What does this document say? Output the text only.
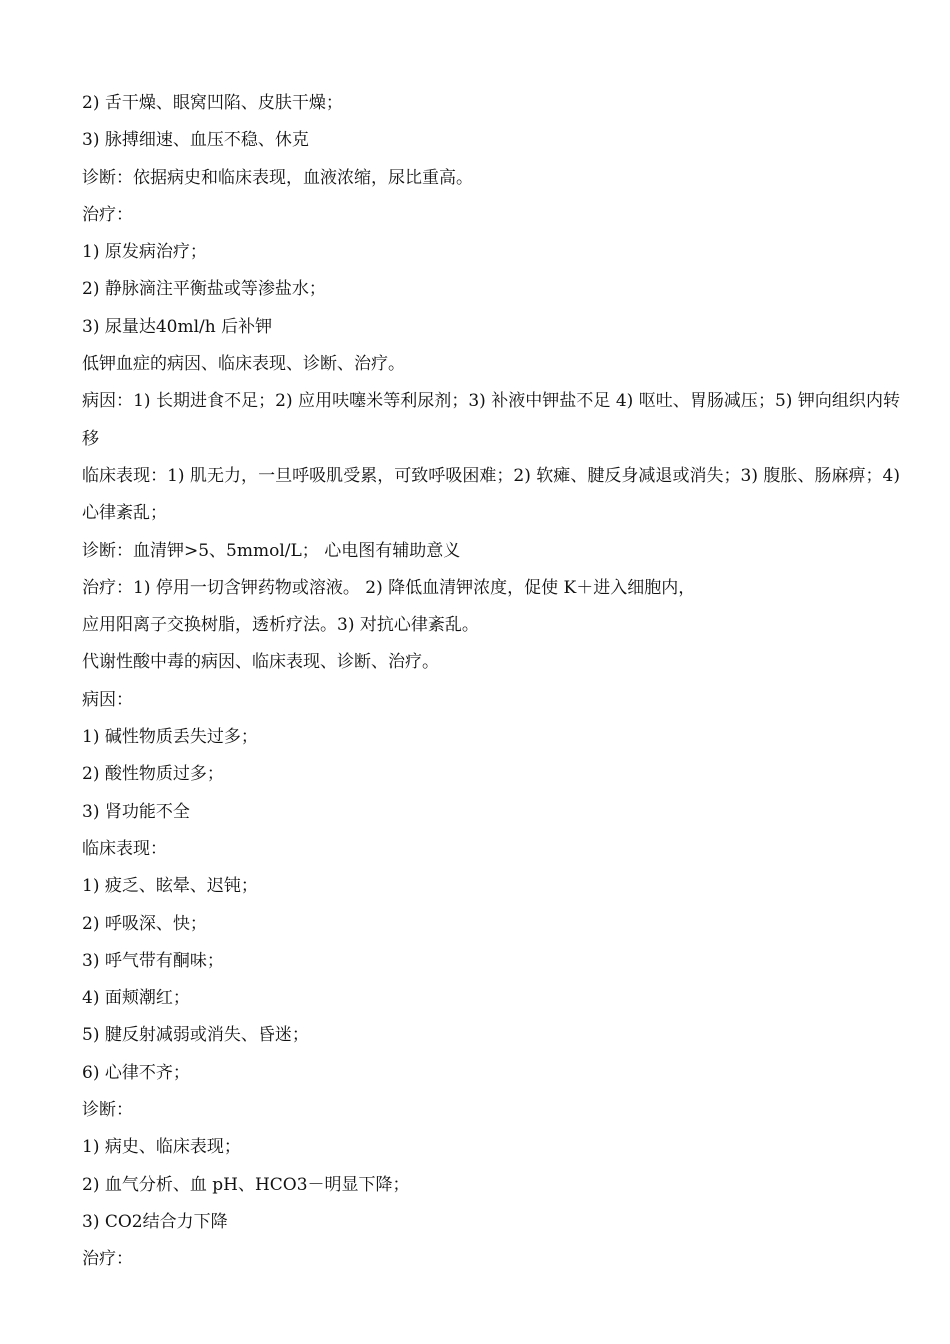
2) 舌干燥、眼窝凹陷、皮肤干燥；
3) 脉搏细速、血压不稳、休克
诊断：依据病史和临床表现，血液浓缩，尿比重高。
治疗：
1) 原发病治疗；
2) 静脉滴注平衡盐或等渗盐水；
3) 尿量达40ml/h 后补钾
低钾血症的病因、临床表现、诊断、治疗。
病因：1) 长期进食不足；2) 应用呋噻米等利尿剂；3) 补液中钾盐不足 4) 呕吐、胃肠减压；5) 钾向组织内转移
临床表现：1) 肌无力，一旦呼吸肌受累，可致呼吸困难；2) 软瘫、腱反身减退或消失；3) 腹胀、肠麻痹；4) 心律紊乱；
诊断：血清钾>5、5mmol/L； 心电图有辅助意义
治疗：1) 停用一切含钾药物或溶液。 2) 降低血清钾浓度，促使 K＋进入细胞内，
应用阳离子交换树脂，透析疗法。3) 对抗心律紊乱。
代谢性酸中毒的病因、临床表现、诊断、治疗。
病因：
1) 碱性物质丢失过多；
2) 酸性物质过多；
3) 肾功能不全
临床表现：
1) 疲乏、眩晕、迟钝；
2) 呼吸深、快；
3) 呼气带有酮味；
4) 面颊潮红；
5) 腱反射减弱或消失、昏迷；
6) 心律不齐；
诊断：
1) 病史、临床表现；
2) 血气分析、血 pH、HCO3－明显下降；
3) CO2结合力下降
治疗：
